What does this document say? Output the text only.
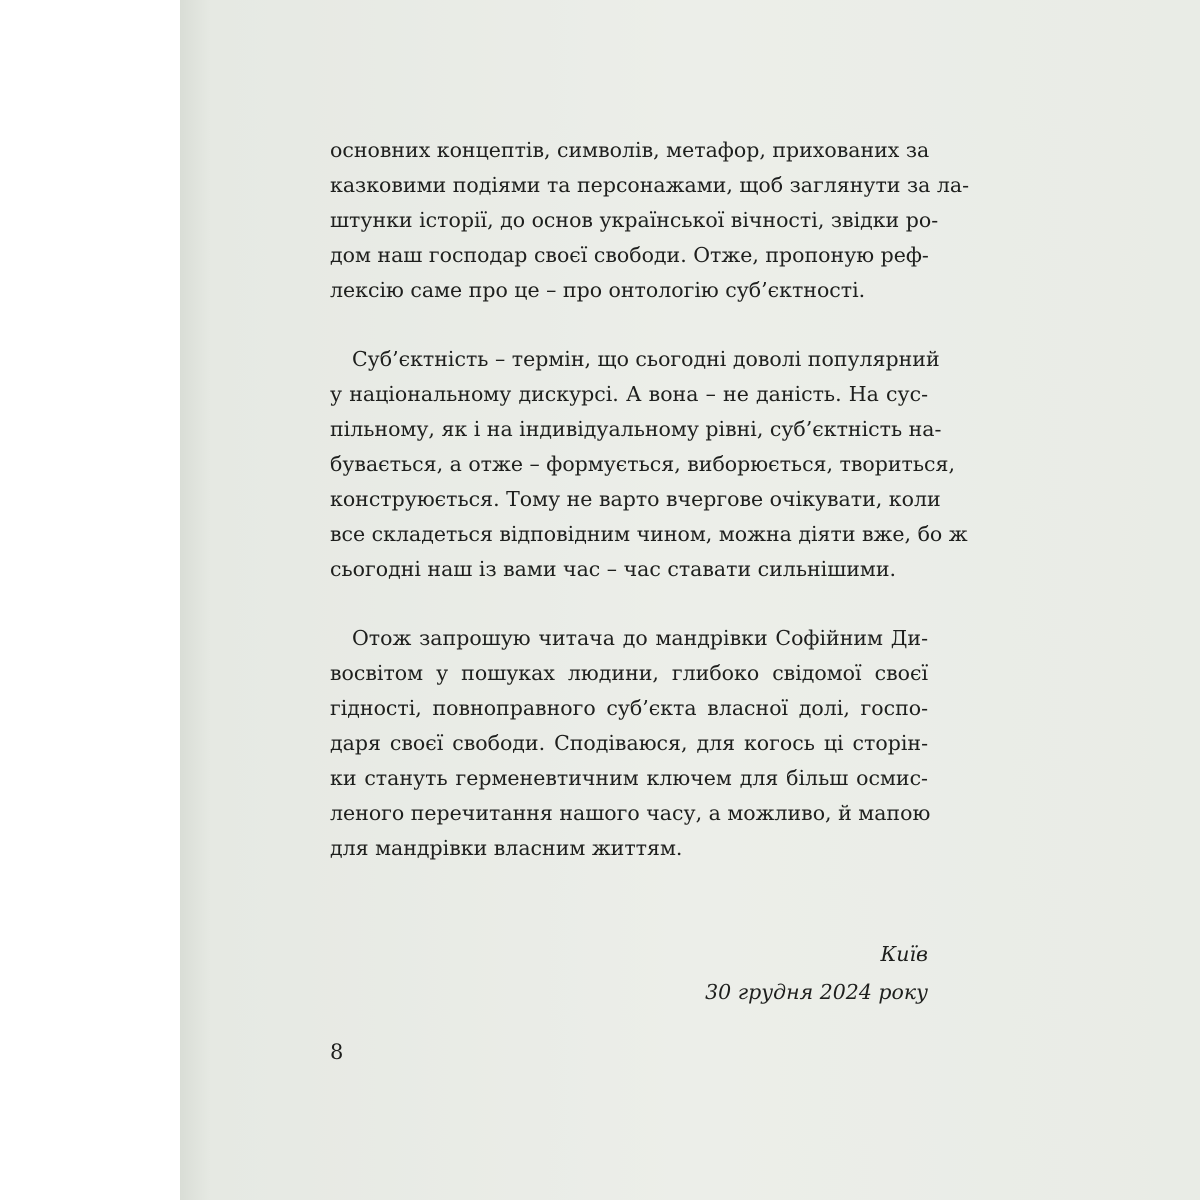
основних концептів, символів, метафор, прихованих за
казковими подіями та персонажами, щоб заглянути за ла-
штунки історії, до основ української вічності, звідки ро-
дом наш господар своєї свободи. Отже, пропоную реф-
лексію саме про це – про онтологію суб’єктності.
Суб’єктність – термін, що сьогодні доволі популярний
у національному дискурсі. А вона – не даність. На сус-
пільному, як і на індивідуальному рівні, суб’єктність на-
бувається, а отже – формується, виборюється, твориться,
конструюється. Тому не варто вчергове очікувати, коли
все складеться відповідним чином, можна діяти вже, бо ж
сьогодні наш із вами час – час ставати сильнішими.
Отож запрошую читача до мандрівки Софійним Ди-
восвітом у пошуках людини, глибоко свідомої своєї
гідності, повноправного суб’єкта власної долі, госпо-
даря своєї свободи. Сподіваюся, для когось ці сторін-
ки стануть герменевтичним ключем для більш осмис-
леного перечитання нашого часу, а можливо, й мапою
для мандрівки власним життям.
Київ
30 грудня 2024 року
8
